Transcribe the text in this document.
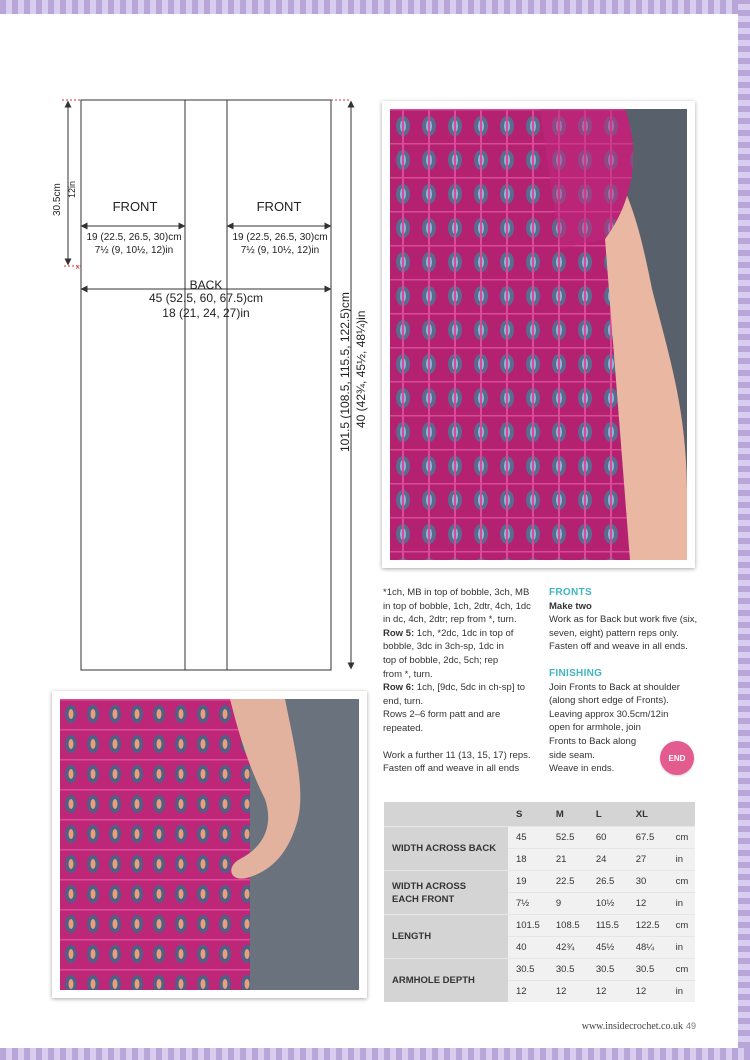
×
FRONT	FRONT
19 (22.5, 26.5, 30)cm
7½ (9, 10½, 12)in
19 (22.5, 26.5, 30)cm
7½ (9, 10½, 12)in
BACK
45 (52.5, 60, 67.5)cm
18 (21, 24, 27)in
30.5cm 12in
101.5 (108.5, 115.5, 122.5)cm 40 (42¾, 45½, 48¼)in

*1ch, MB in top of bobble, 3ch, MB

in top of bobble, 1ch, 2dtr, 4ch, 1dc

in dc, 4ch, 2dtr; rep from *, turn.

Row 5: 1ch, *2dc, 1dc in top of

bobble, 3dc in 3ch-sp, 1dc in

top of bobble, 2dc, 5ch; rep

from *, turn.

Row 6: 1ch, [9dc, 5dc in ch-sp] to

end, turn.

Rows 2–6 form patt and are

repeated.

Work a further 11 (13, 15, 17) reps.

Fasten off and weave in all ends

FRONTS

Make two

Work as for Back but work five (six,

seven, eight) pattern reps only.

Fasten off and weave in all ends.

FINISHING

Join Fronts to Back at shoulder

(along short edge of Fronts).

Leaving approx 30.5cm/12in

open for armhole, join

Fronts to Back along

side seam.

Weave in ends.

END
	S	M	L	XL	
WIDTH ACROSS BACK	45	52.5	60	67.5	cm
	18	21	24	27	in

WIDTH ACROSS EACH FRONT	19	22.5	26.5	30	cm
	7½	9	10½	12	in
LENGTH	101.5	108.5	115.5	122.5	cm
	40	42¾	45½	48¼	in
ARMHOLE DEPTH	30.5	30.5	30.5	30.5	cm
	12	12	12	12	in
www.insidecrochet.co.uk 49
